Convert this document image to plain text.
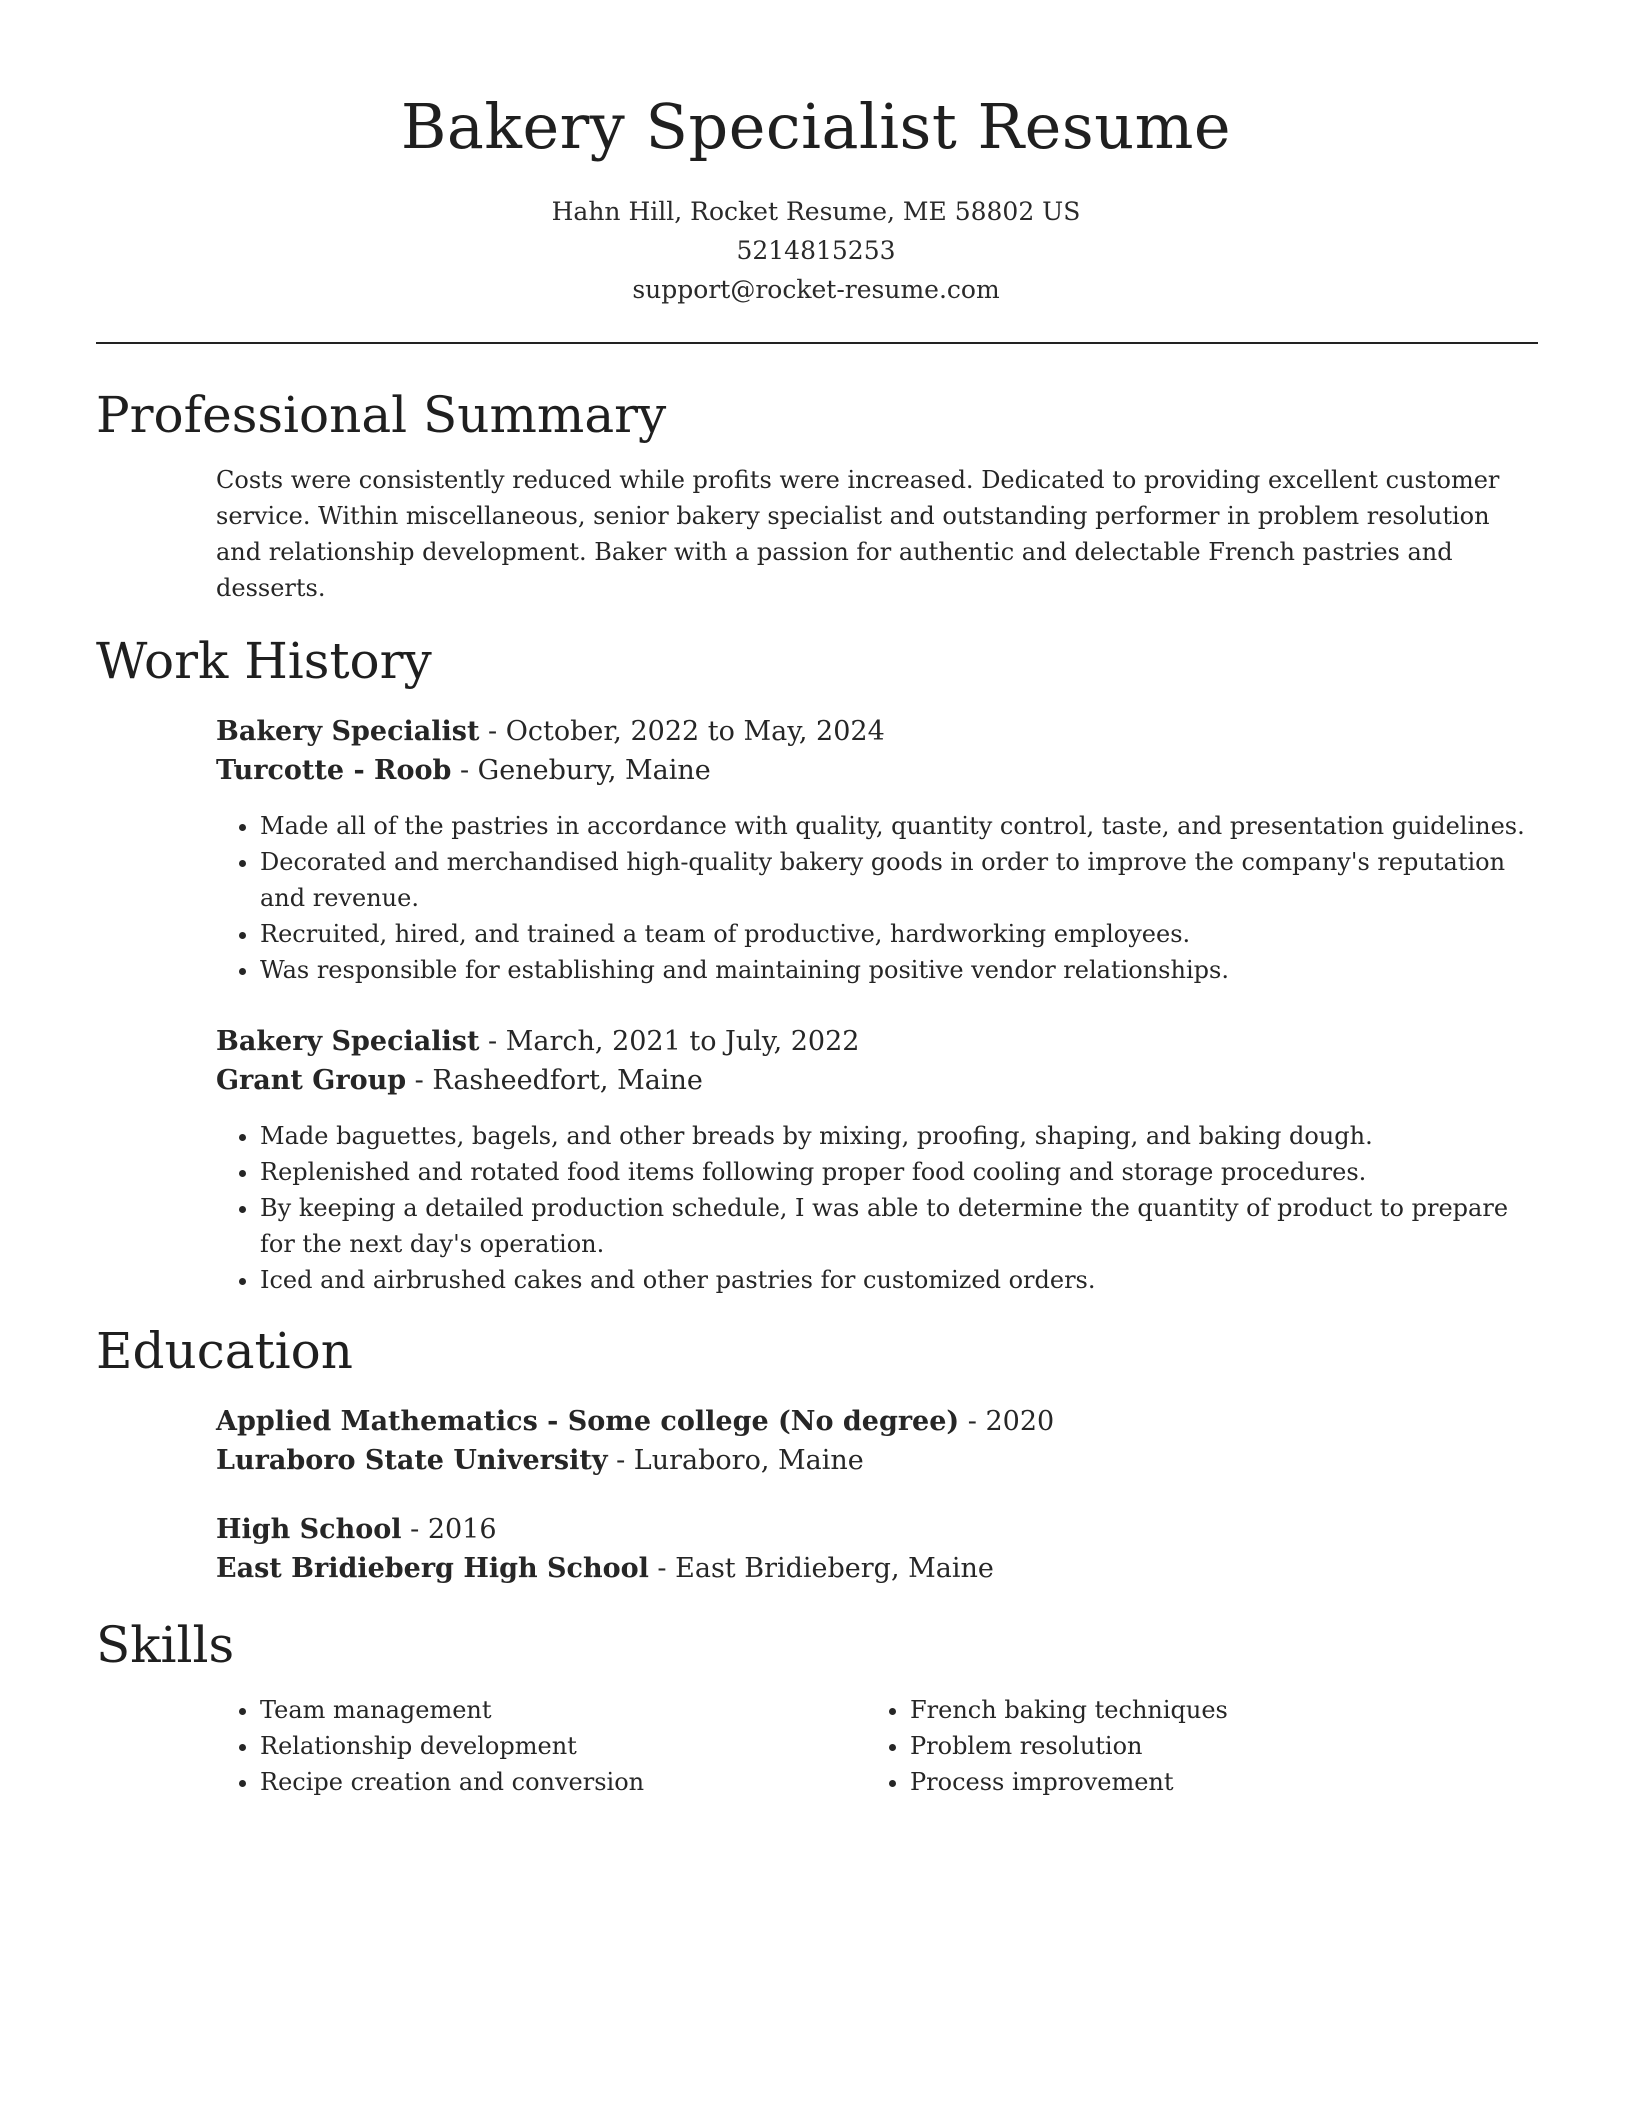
Bakery Specialist Resume
Hahn Hill, Rocket Resume, ME 58802 US
5214815253
support@rocket-resume.com
Professional Summary

Costs were consistently reduced while profits were increased. Dedicated to providing excellent customer service. Within miscellaneous, senior bakery specialist and outstanding performer in problem resolution and relationship development. Baker with a passion for authentic and delectable French pastries and desserts.

Work History
Bakery Specialist - October, 2022 to May, 2024
Turcotte - Roob - Genebury, Maine
• Made all of the pastries in accordance with quality, quantity control, taste, and presentation guidelines.
• Decorated and merchandised high-quality bakery goods in order to improve the company's reputation and revenue.
• Recruited, hired, and trained a team of productive, hardworking employees.
• Was responsible for establishing and maintaining positive vendor relationships.
Bakery Specialist - March, 2021 to July, 2022
Grant Group - Rasheedfort, Maine
• Made baguettes, bagels, and other breads by mixing, proofing, shaping, and baking dough.
• Replenished and rotated food items following proper food cooling and storage procedures.
• By keeping a detailed production schedule, I was able to determine the quantity of product to prepare for the next day's operation.
• Iced and airbrushed cakes and other pastries for customized orders.
Education
Applied Mathematics - Some college (No degree) - 2020
Luraboro State University - Luraboro, Maine
High School - 2016
East Bridieberg High School - East Bridieberg, Maine
Skills
• Team management
• Relationship development
• Recipe creation and conversion
• French baking techniques
• Problem resolution
• Process improvement
